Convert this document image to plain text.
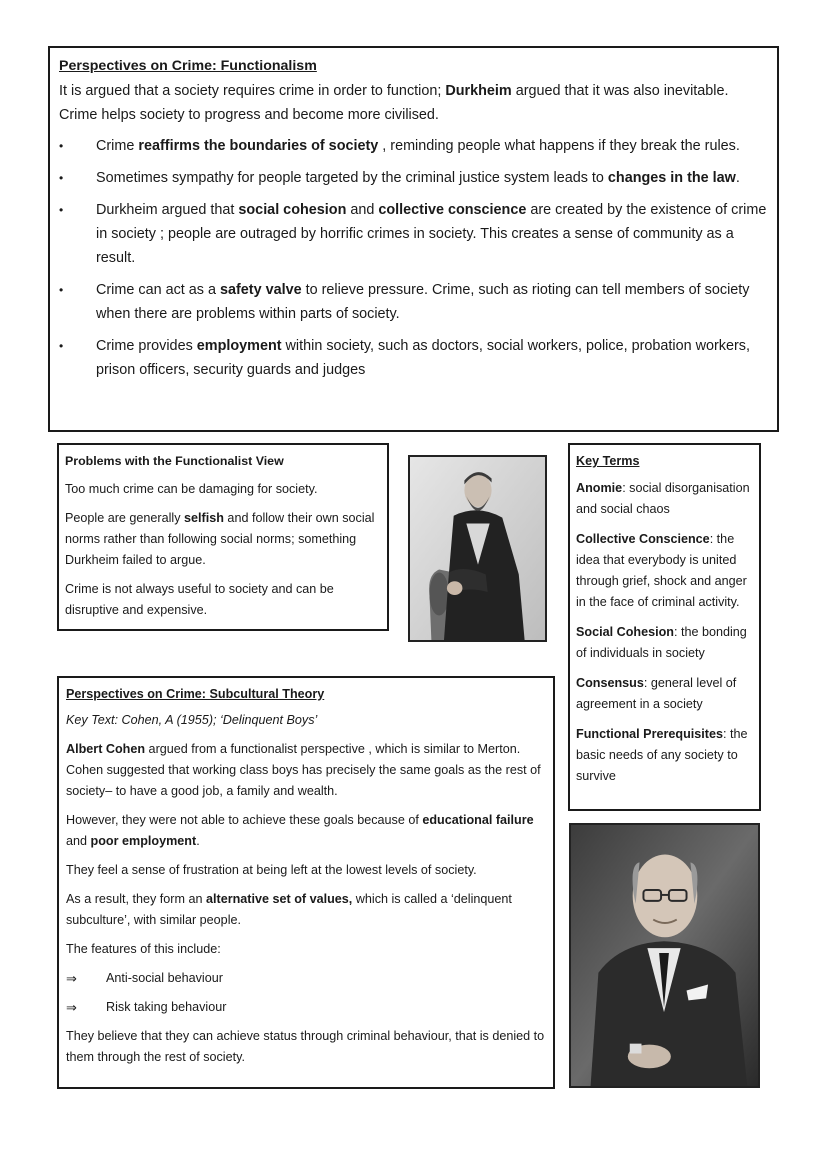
Perspectives on Crime: Functionalism
It is argued that a society requires crime in order to function; Durkheim argued that it was also inevitable. Crime helps society to progress and become more civilised.
• Crime reaffirms the boundaries of society , reminding people what happens if they break the rules.
• Sometimes sympathy for people targeted by the criminal justice system leads to changes in the law.
• Durkheim argued that social cohesion and collective conscience are created by the existence of crime in society ; people are outraged by horrific crimes in society. This creates a sense of community as a result.
• Crime can act as a safety valve to relieve pressure. Crime, such as rioting can tell members of society when there are problems within parts of society.
• Crime provides employment within society, such as doctors, social workers, police, probation workers, prison officers, security guards and judges
Problems with the Functionalist View

Too much crime can be damaging for society.

People are generally selfish and follow their own social norms rather than following social norms; something Durkheim failed to argue.

Crime is not always useful to society and can be disruptive and expensive.

Key Terms

Anomie: social disorganisation and social chaos

Collective Conscience: the idea that everybody is united through grief, shock and anger in the face of criminal activity.

Social Cohesion: the bonding of individuals in society

Consensus: general level of agreement in a society

Functional Prerequisites: the basic needs of any society to survive

Perspectives on Crime: Subcultural Theory

Key Text: Cohen, A (1955); ‘Delinquent Boys’

Albert Cohen argued from a functionalist perspective , which is similar to Merton. Cohen suggested that working class boys has precisely the same goals as the rest of society– to have a good job, a family and wealth.

However, they were not able to achieve these goals because of educational failure and poor employment.

They feel a sense of frustration at being left at the lowest levels of society.

As a result, they form an alternative set of values, which is called a ‘delinquent subculture’, with similar people.

The features of this include:

⇒ Anti-social behaviour
⇒ Risk taking behaviour

They believe that they can achieve status through criminal behaviour, that is denied to them through the rest of society.
